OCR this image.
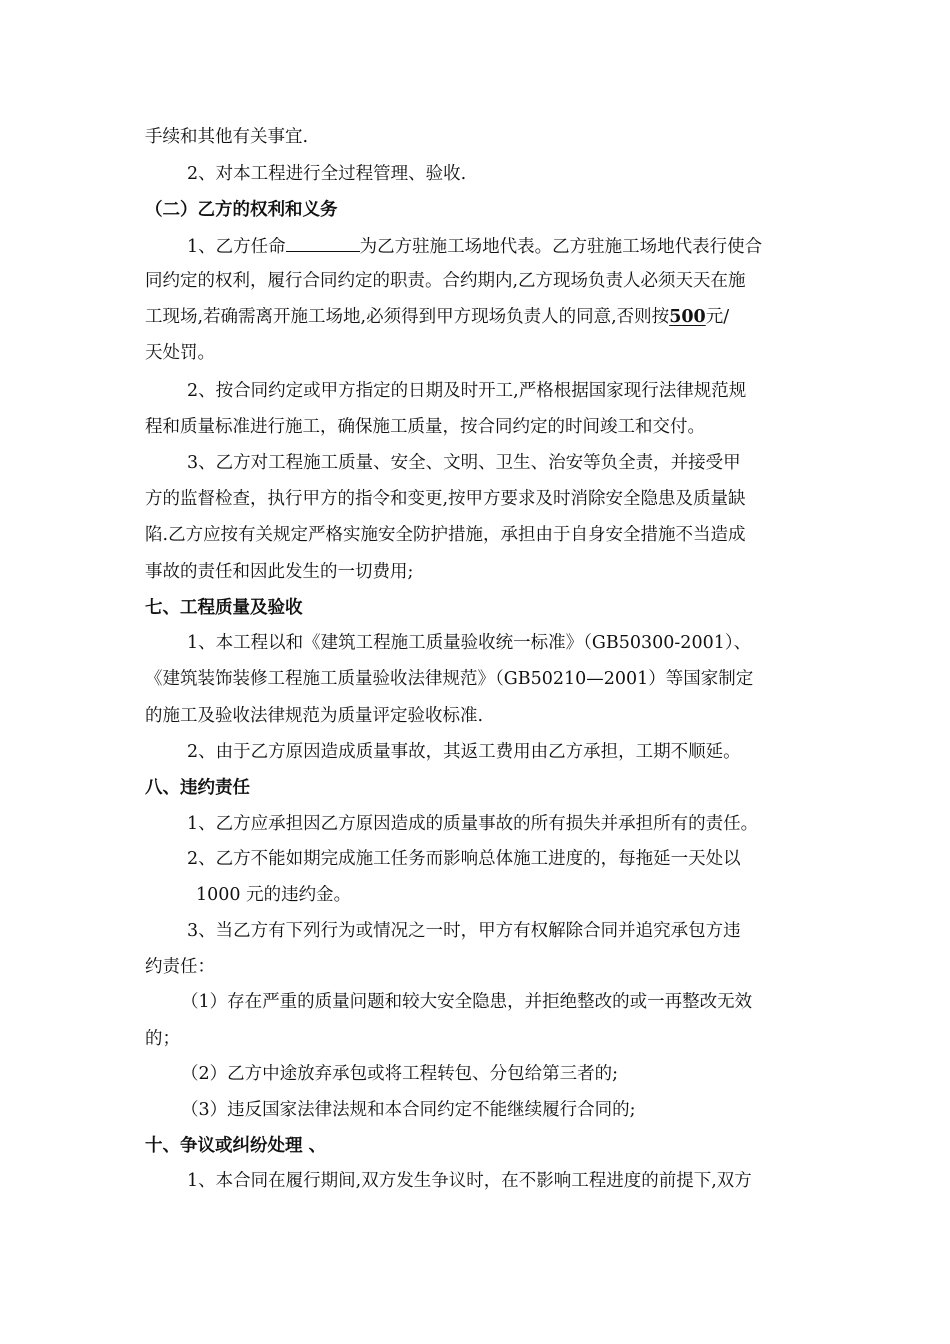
手续和其他有关事宜.
2、对本工程进行全过程管理、验收.
（二）乙方的权利和义务
1、乙方任命	为乙方驻施工场地代表。乙方驻施工场地代表行使合
同约定的权利，履行合同约定的职责。合约期内,乙方现场负责人必须天天在施
工现场,若确需离开施工场地,必须得到甲方现场负责人的同意,否则按500元/
天处罚。
2、按合同约定或甲方指定的日期及时开工,严格根据国家现行法律规范规
程和质量标准进行施工，确保施工质量，按合同约定的时间竣工和交付。
3、乙方对工程施工质量、安全、文明、卫生、治安等负全责，并接受甲
方的监督检查，执行甲方的指令和变更,按甲方要求及时消除安全隐患及质量缺
陷.乙方应按有关规定严格实施安全防护措施，承担由于自身安全措施不当造成
事故的责任和因此发生的一切费用;
七、工程质量及验收
1、本工程以和《建筑工程施工质量验收统一标准》（GB50300-2001）、
《建筑装饰装修工程施工质量验收法律规范》（GB50210—2001）等国家制定
的施工及验收法律规范为质量评定验收标准.
2、由于乙方原因造成质量事故，其返工费用由乙方承担，工期不顺延。
八、违约责任
1、乙方应承担因乙方原因造成的质量事故的所有损失并承担所有的责任。
2、乙方不能如期完成施工任务而影响总体施工进度的，每拖延一天处以
1000 元的违约金。
3、当乙方有下列行为或情况之一时，甲方有权解除合同并追究承包方违
约责任：
（1）存在严重的质量问题和较大安全隐患，并拒绝整改的或一再整改无效
的；
（2）乙方中途放弃承包或将工程转包、分包给第三者的;
（3）违反国家法律法规和本合同约定不能继续履行合同的;
十、争议或纠纷处理 、
1、本合同在履行期间,双方发生争议时，在不影响工程进度的前提下,双方
